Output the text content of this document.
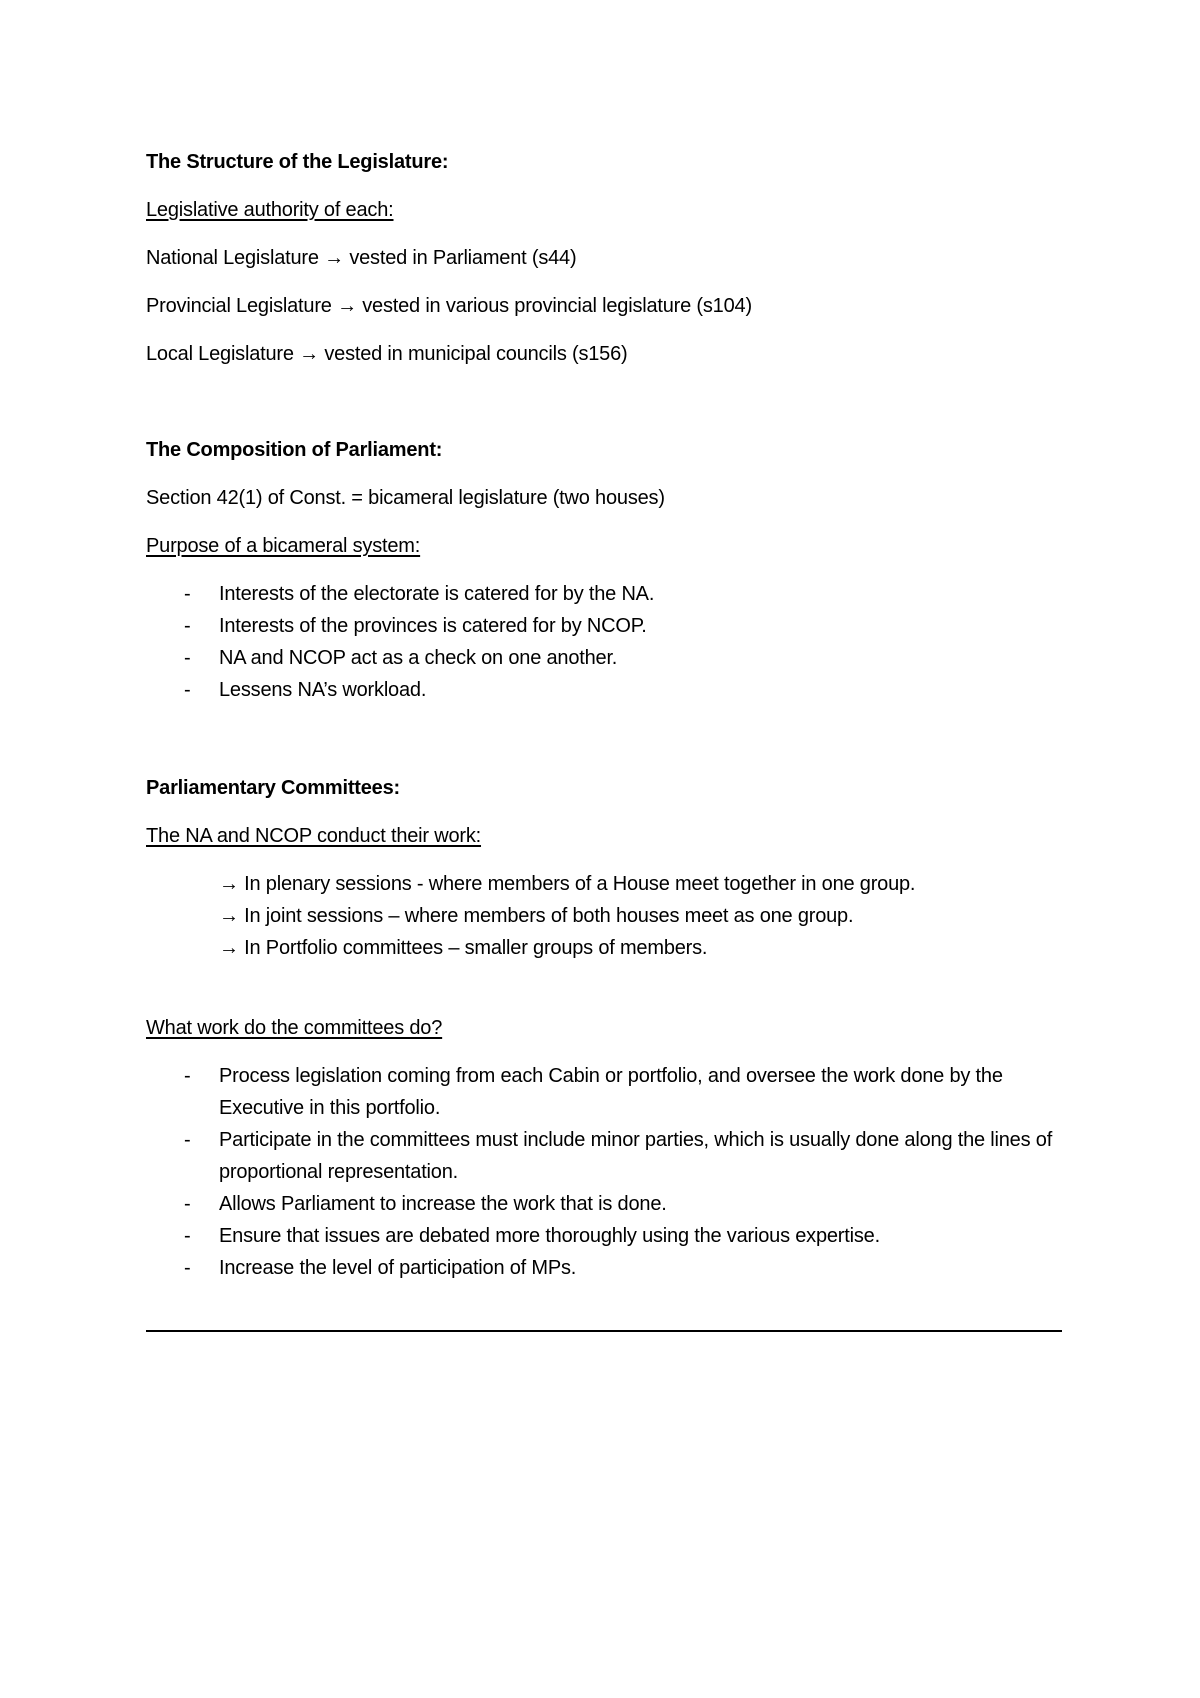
The Structure of the Legislature:
Legislative authority of each:
National Legislature → vested in Parliament (s44)
Provincial Legislature → vested in various provincial legislature (s104)
Local Legislature → vested in municipal councils (s156)
The Composition of Parliament:
Section 42(1) of Const. = bicameral legislature (two houses)
Purpose of a bicameral system:
- Interests of the electorate is catered for by the NA.
- Interests of the provinces is catered for by NCOP.
- NA and NCOP act as a check on one another.
- Lessens NA’s workload.
Parliamentary Committees:
The NA and NCOP conduct their work:
→ In plenary sessions - where members of a House meet together in one group.
→ In joint sessions – where members of both houses meet as one group.
→ In Portfolio committees – smaller groups of members.
What work do the committees do?
- Process legislation coming from each Cabin or portfolio, and oversee the work done by the Executive in this portfolio.
- Participate in the committees must include minor parties, which is usually done along the lines of proportional representation.
- Allows Parliament to increase the work that is done.
- Ensure that issues are debated more thoroughly using the various expertise.
- Increase the level of participation of MPs.
